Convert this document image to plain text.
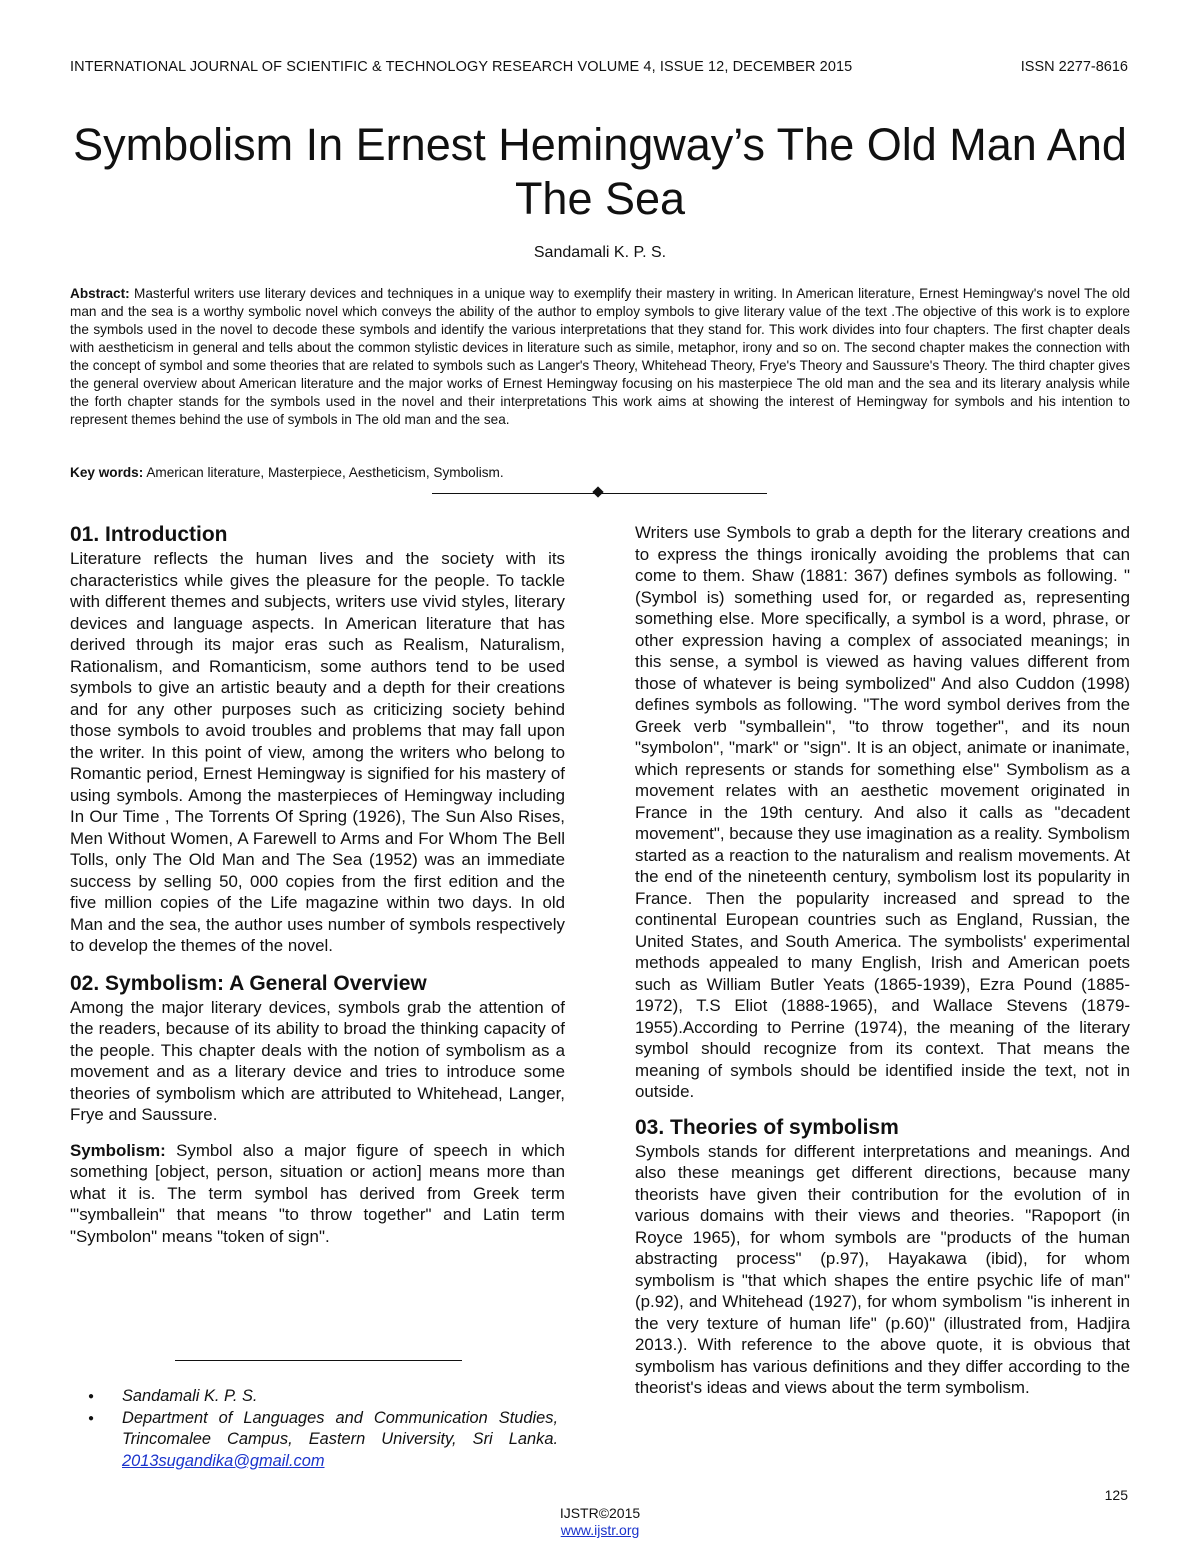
INTERNATIONAL JOURNAL OF SCIENTIFIC & TECHNOLOGY RESEARCH VOLUME 4, ISSUE 12, DECEMBER 2015	ISSN 2277-8616
Symbolism In Ernest Hemingway’s The Old Man And The Sea
Sandamali K. P. S.
Abstract: Masterful writers use literary devices and techniques in a unique way to exemplify their mastery in writing. In American literature, Ernest Hemingway's novel The old man and the sea is a worthy symbolic novel which conveys the ability of the author to employ symbols to give literary value of the text .The objective of this work is to explore the symbols used in the novel to decode these symbols and identify the various interpretations that they stand for. This work divides into four chapters. The first chapter deals with aestheticism in general and tells about the common stylistic devices in literature such as simile, metaphor, irony and so on. The second chapter makes the connection with the concept of symbol and some theories that are related to symbols such as Langer's Theory, Whitehead Theory, Frye's Theory and Saussure's Theory. The third chapter gives the general overview about American literature and the major works of Ernest Hemingway focusing on his masterpiece The old man and the sea and its literary analysis while the forth chapter stands for the symbols used in the novel and their interpretations This work aims at showing the interest of Hemingway for symbols and his intention to represent themes behind the use of symbols in The old man and the sea.
Key words: American literature, Masterpiece, Aestheticism, Symbolism.
01. Introduction

Literature reflects the human lives and the society with its characteristics while gives the pleasure for the people. To tackle with different themes and subjects, writers use vivid styles, literary devices and language aspects. In American literature that has derived through its major eras such as Realism, Naturalism, Rationalism, and Romanticism, some authors tend to be used symbols to give an artistic beauty and a depth for their creations and for any other purposes such as criticizing society behind those symbols to avoid troubles and problems that may fall upon the writer. In this point of view, among the writers who belong to Romantic period, Ernest Hemingway is signified for his mastery of using symbols. Among the masterpieces of Hemingway including In Our Time , The Torrents Of Spring (1926), The Sun Also Rises, Men Without Women, A Farewell to Arms and For Whom The Bell Tolls, only The Old Man and The Sea (1952) was an immediate success by selling 50, 000 copies from the first edition and the five million copies of the Life magazine within two days. In old Man and the sea, the author uses number of symbols respectively to develop the themes of the novel.

02. Symbolism: A General Overview

Among the major literary devices, symbols grab the attention of the readers, because of its ability to broad the thinking capacity of the people. This chapter deals with the notion of symbolism as a movement and as a literary device and tries to introduce some theories of symbolism which are attributed to Whitehead, Langer, Frye and Saussure.

Symbolism: Symbol also a major figure of speech in which something [object, person, situation or action] means more than what it is. The term symbol has derived from Greek term "'symballein" that means "to throw together" and Latin term "Symbolon" means "token of sign".

● Sandamali K. P. S.
● Department of Languages and Communication Studies, Trincomalee Campus, Eastern University, Sri Lanka. 2013sugandika@gmail.com

Writers use Symbols to grab a depth for the literary creations and to express the things ironically avoiding the problems that can come to them. Shaw (1881: 367) defines symbols as following. "(Symbol is) something used for, or regarded as, representing something else. More specifically, a symbol is a word, phrase, or other expression having a complex of associated meanings; in this sense, a symbol is viewed as having values different from those of whatever is being symbolized" And also Cuddon (1998) defines symbols as following. "The word symbol derives from the Greek verb "symballein", "to throw together", and its noun "symbolon", "mark" or "sign". It is an object, animate or inanimate, which represents or stands for something else" Symbolism as a movement relates with an aesthetic movement originated in France in the 19th century. And also it calls as "decadent movement", because they use imagination as a reality. Symbolism started as a reaction to the naturalism and realism movements. At the end of the nineteenth century, symbolism lost its popularity in France. Then the popularity increased and spread to the continental European countries such as England, Russian, the United States, and South America. The symbolists' experimental methods appealed to many English, Irish and American poets such as William Butler Yeats (1865-1939), Ezra Pound (1885-1972), T.S Eliot (1888-1965), and Wallace Stevens (1879- 1955).According to Perrine (1974), the meaning of the literary symbol should recognize from its context. That means the meaning of symbols should be identified inside the text, not in outside.

03. Theories of symbolism

Symbols stands for different interpretations and meanings. And also these meanings get different directions, because many theorists have given their contribution for the evolution of in various domains with their views and theories. "Rapoport (in Royce 1965), for whom symbols are "products of the human abstracting process" (p.97), Hayakawa (ibid), for whom symbolism is "that which shapes the entire psychic life of man" (p.92), and Whitehead (1927), for whom symbolism "is inherent in the very texture of human life" (p.60)" (illustrated from, Hadjira 2013.). With reference to the above quote, it is obvious that symbolism has various definitions and they differ according to the theorist's ideas and views about the term symbolism.

125
IJSTR©2015
www.ijstr.org
